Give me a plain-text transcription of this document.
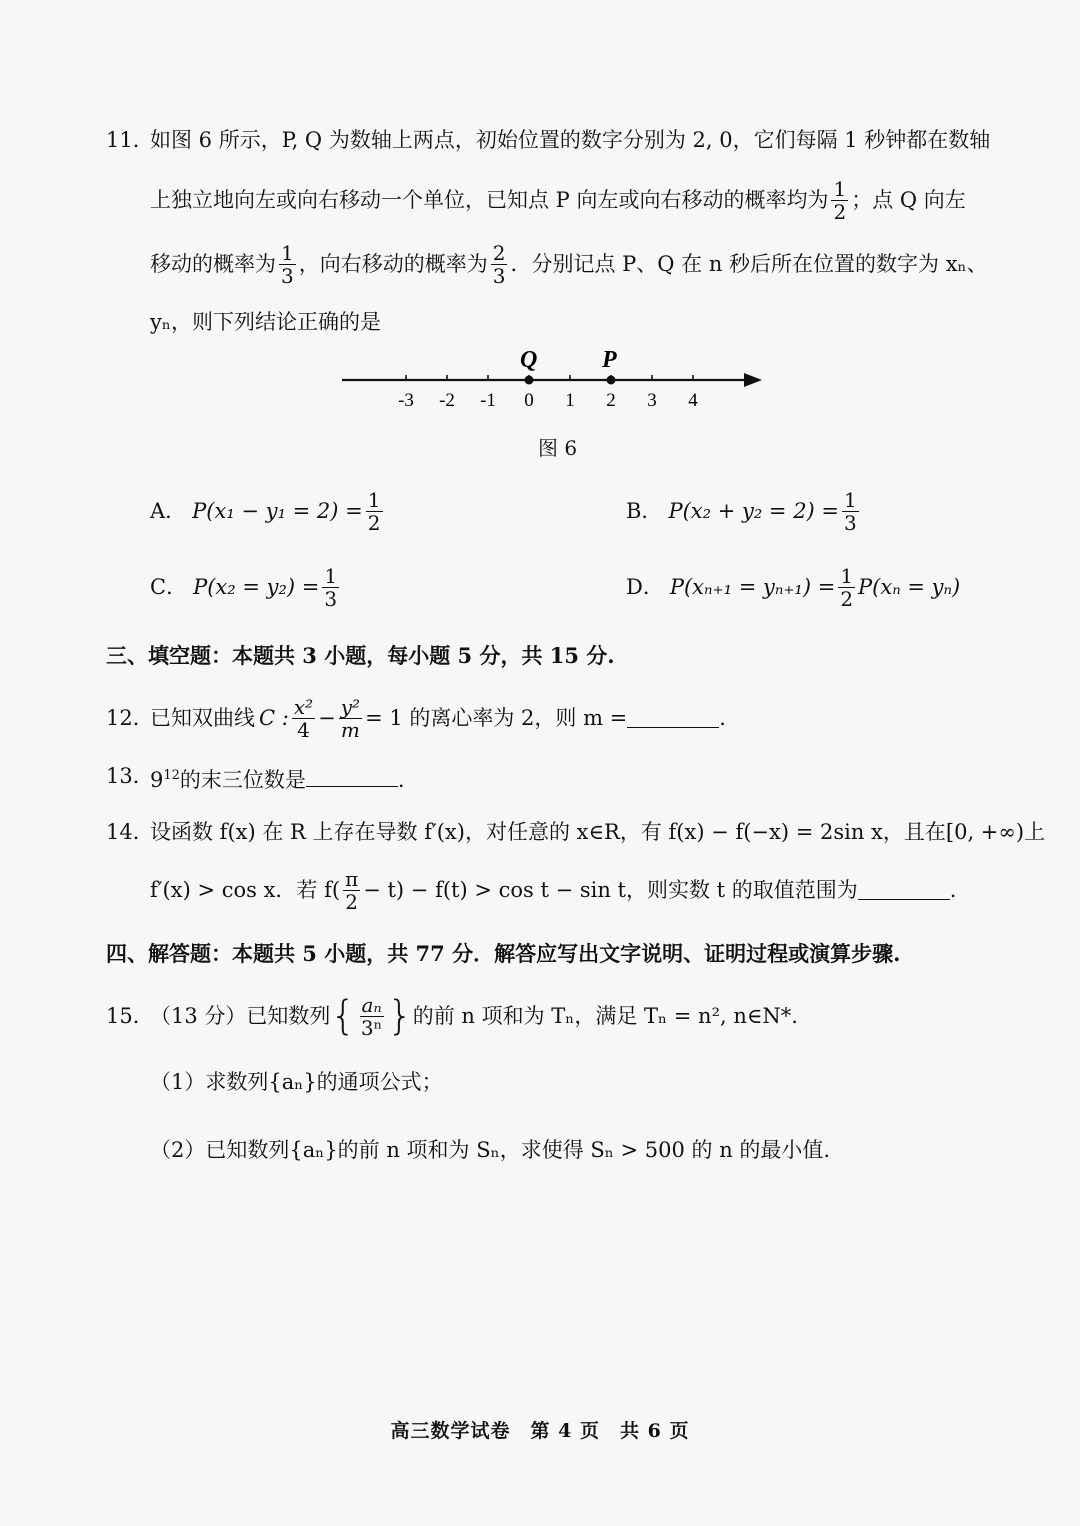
11．
如图 6 所示，P, Q 为数轴上两点，初始位置的数字分别为 2, 0，它们每隔 1 秒钟都在数轴
上独立地向左或向右移动一个单位，已知点 P 向左或向右移动的概率均为 $\frac{1}{2}$ ；点 Q 向左
移动的概率为 $\frac{1}{3}$ ，向右移动的概率为 $\frac{2}{3}$ ．分别记点 P、Q 在 n 秒后所在位置的数字为 xₙ、
yₙ，则下列结论正确的是
-3 -2 -1 0 1 2 3 4
Q	P
图 6
A． $P(x_1 - y_1 = 2) = \frac{1}{2}$	B． $P(x_2 + y_2 = 2) = \frac{1}{3}$
C． $P(x_2 = y_2) = \frac{1}{3}$	D． $P(x_{n+1} = y_{n+1}) = \frac{1}{2} P(x_n = y_n)$
三、填空题：本题共 3 小题，每小题 5 分，共 15 分.
12．
已知双曲线 C : $\frac{\text{x²}}{4} - \frac{\text{y²}}{m} = 1$ 的离心率为 2，则 m =	.
13．
$9^{12}$的末三位数是	.
14．
设函数 f(x) 在 R 上存在导数 f′(x)，对任意的 x∈R，有 f(x) − f(−x) = 2sin x，且在[0, +∞)上
f′(x) > cos x．若 $f( \frac{\pi}{2} - t) - f(t) > \cos t - \sin t$，则实数 t 的取值范围为	.
四、解答题：本题共 5 小题，共 77 分．解答应写出文字说明、证明过程或演算步骤.
15．
（13 分）已知数列 { $\frac{\text{aₙ}}{\text{3ⁿ}}$ } 的前 n 项和为 Tₙ，满足 Tₙ = n², n∈N*.
（1）求数列{aₙ}的通项公式；
（2）已知数列{aₙ}的前 n 项和为 Sₙ，求使得 Sₙ > 500 的 n 的最小值.
高三数学试卷　第 4 页　共 6 页
